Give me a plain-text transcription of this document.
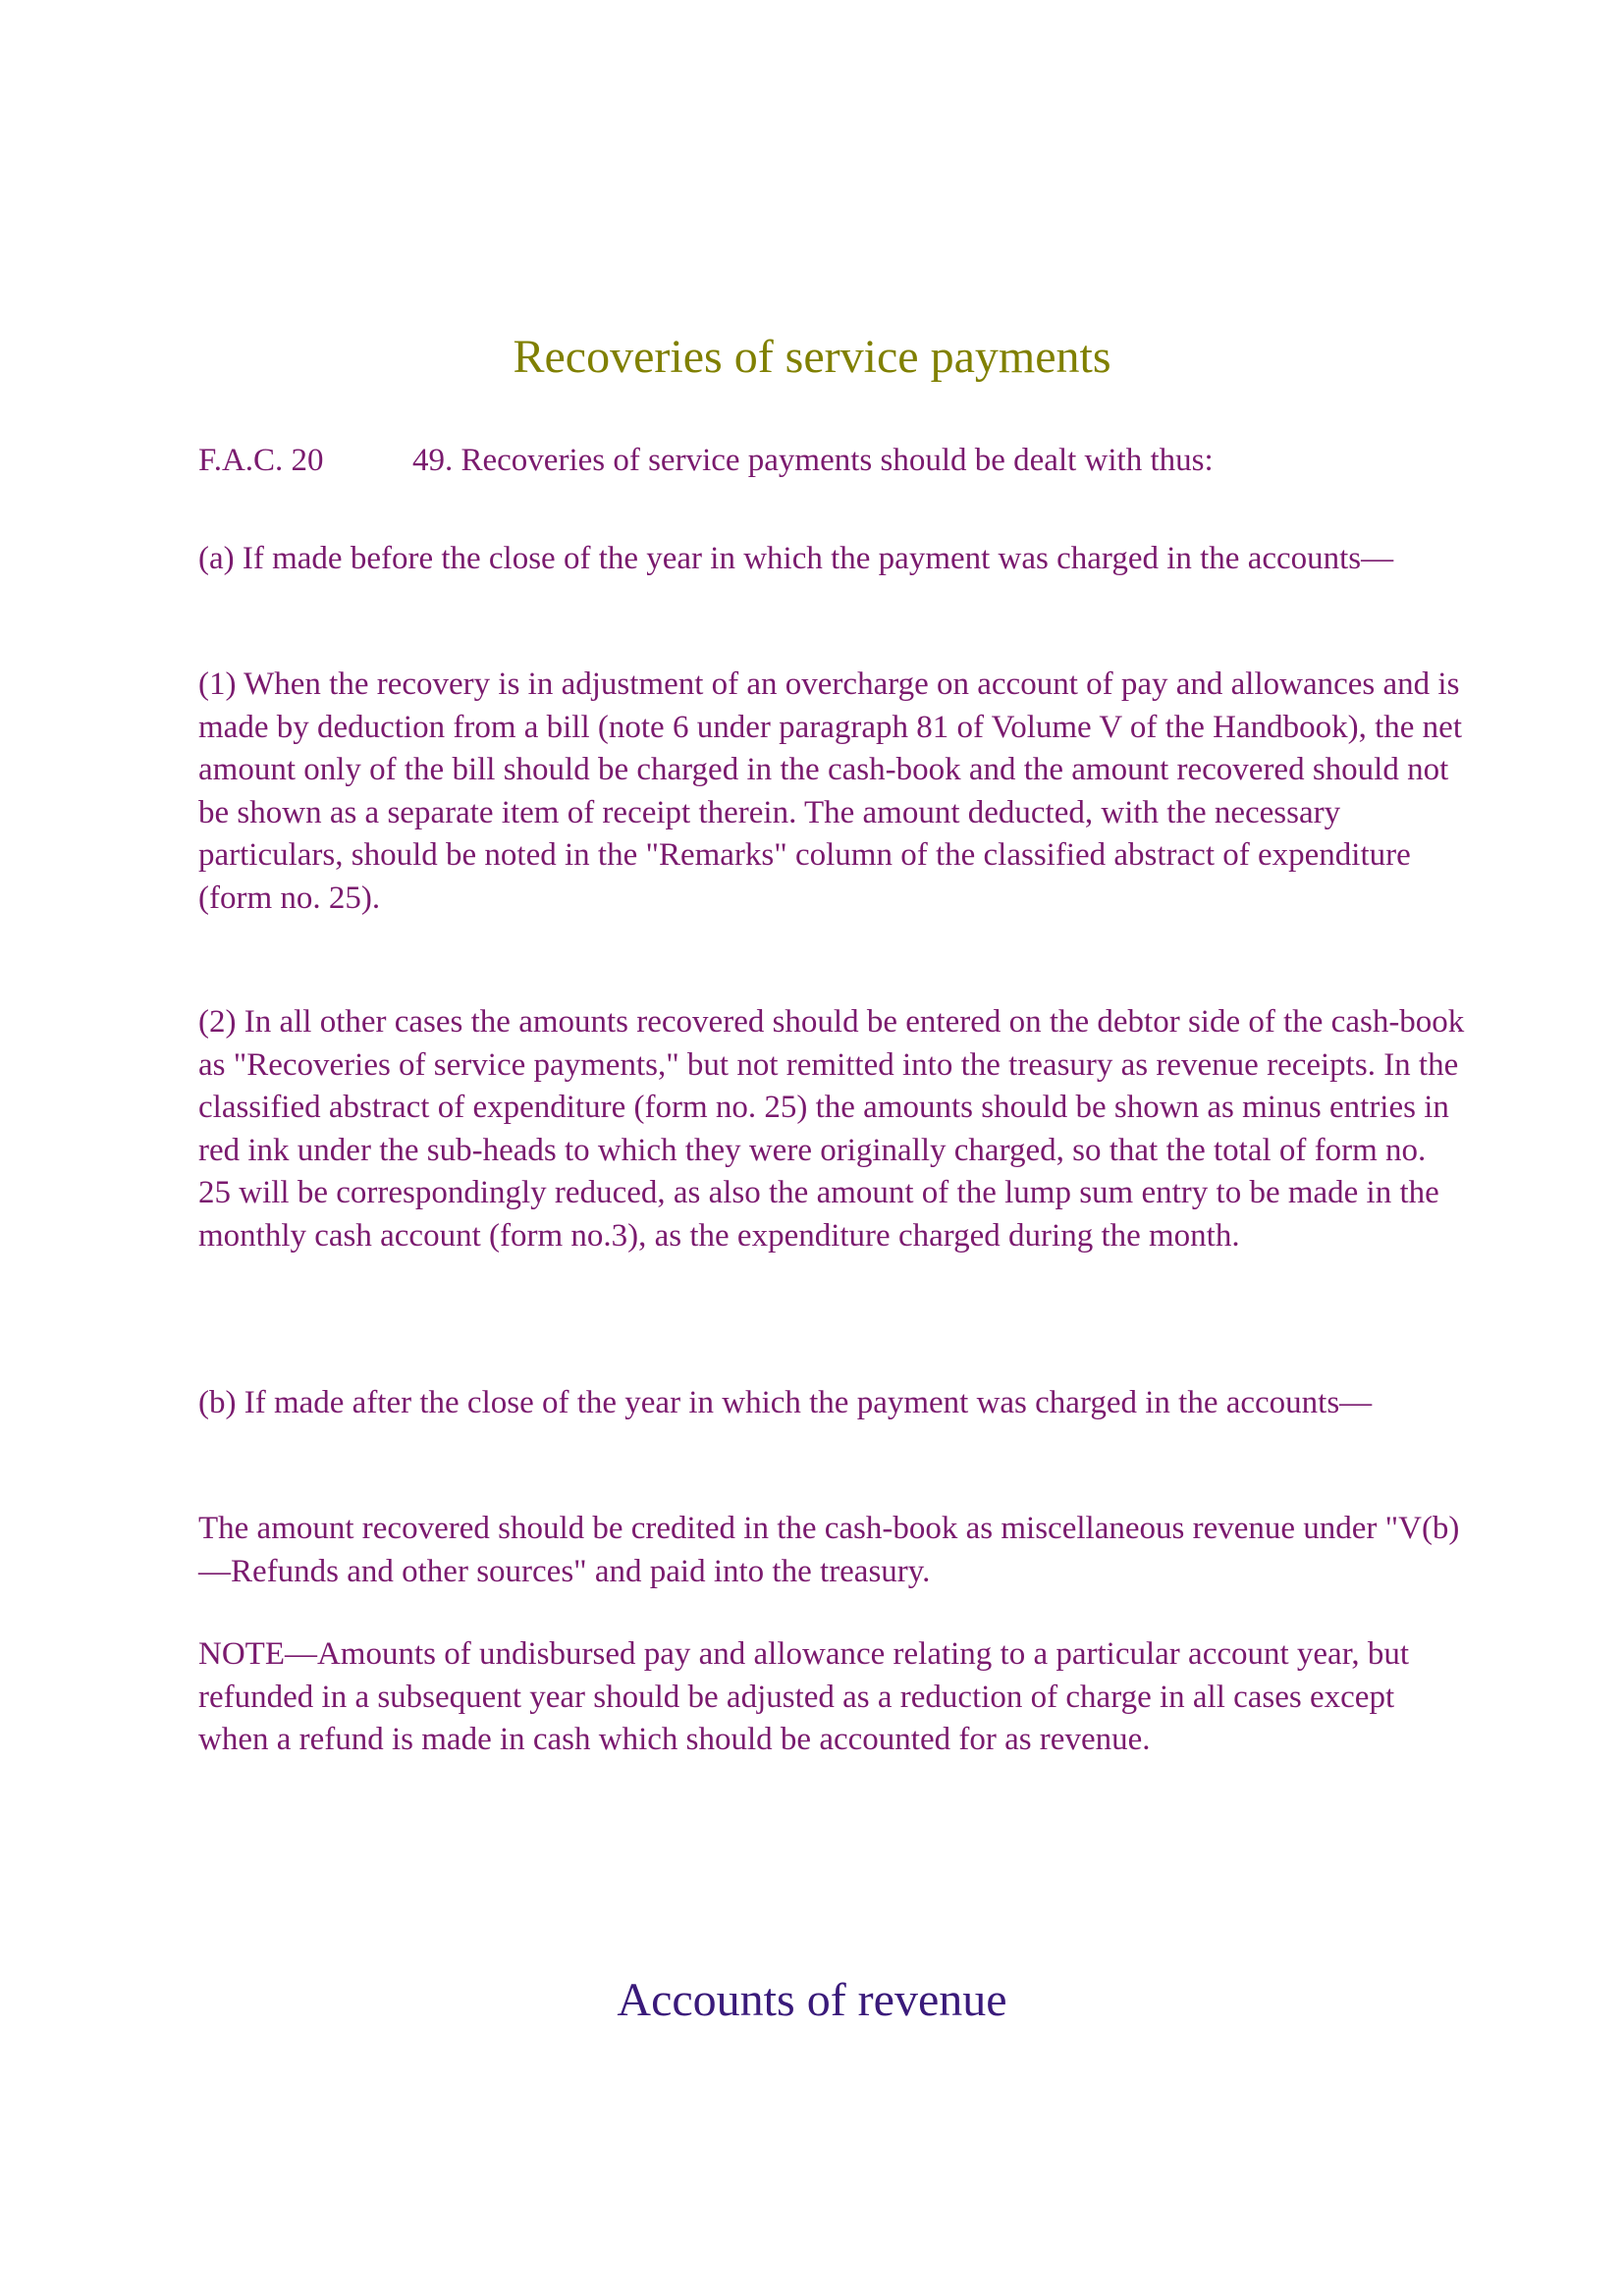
Recoveries of service payments
F.A.C. 20	49. Recoveries of service payments should be dealt with thus:

(a) If made before the close of the year in which the payment was charged in the accounts—

(1) When the recovery is in adjustment of an overcharge on account of pay and allowances and is made by deduction from a bill (note 6 under paragraph 81 of Volume V of the Handbook), the net amount only of the bill should be charged in the cash-book and the amount recovered should not be shown as a separate item of receipt therein. The amount deducted, with the necessary particulars, should be noted in the "Remarks" column of the classified abstract of expenditure (form no. 25).

(2) In all other cases the amounts recovered should be entered on the debtor side of the cash-book as "Recoveries of service payments," but not remitted into the treasury as revenue receipts. In the classified abstract of expenditure (form no. 25) the amounts should be shown as minus entries in red ink under the sub-heads to which they were originally charged, so that the total of form no. 25 will be correspondingly reduced, as also the amount of the lump sum entry to be made in the monthly cash account (form no.3), as the expenditure charged during the month.

(b) If made after the close of the year in which the payment was charged in the accounts—

The amount recovered should be credited in the cash-book as miscellaneous revenue under "V(b)—Refunds and other sources" and paid into the treasury.

NOTE—Amounts of undisbursed pay and allowance relating to a particular account year, but refunded in a subsequent year should be adjusted as a reduction of charge in all cases except when a refund is made in cash which should be accounted for as revenue.

Accounts of revenue
